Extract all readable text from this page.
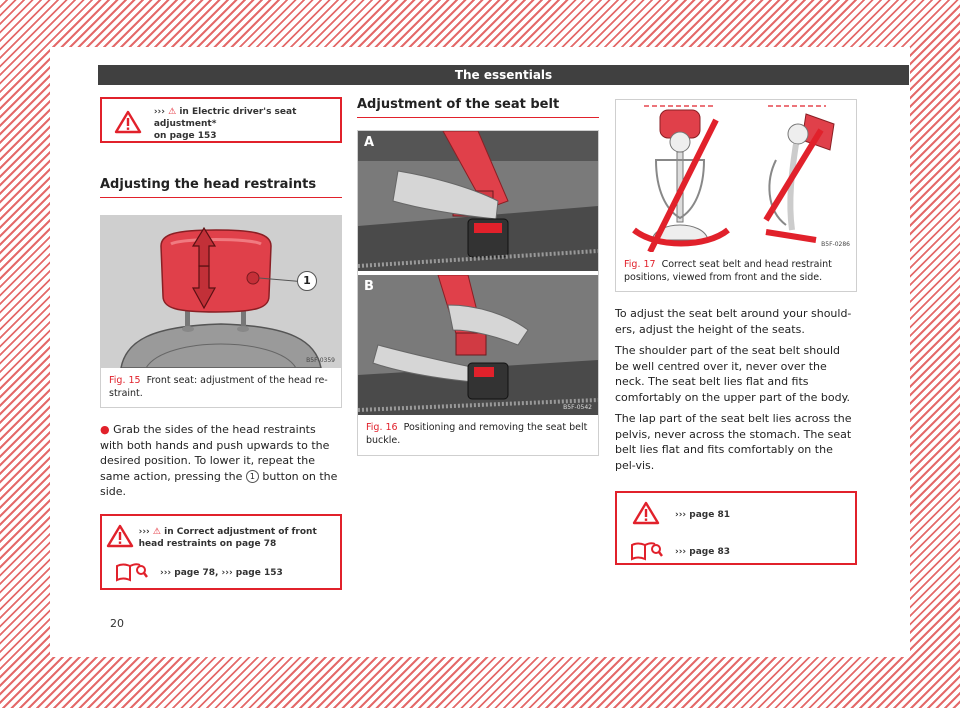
The essentials
››› ⚠ in Electric driver's seat adjustment*
on page 153
Adjusting the head restraints
1
B5F-0359
Fig. 15 Front seat: adjustment of the head re-straint.
● Grab the sides of the head restraints with both hands and push upwards to the desired position. To lower it, repeat the same action, pressing the 1 button on the side.
››› ⚠ in Correct adjustment of front head restraints on page 78

››› page 78, ››› page 153
Adjustment of the seat belt
A
B
B5F-0542
Fig. 16 Positioning and removing the seat belt buckle.
B5F-0286
Fig. 17 Correct seat belt and head restraint positions, viewed from front and the side.
To adjust the seat belt around your should-ers, adjust the height of the seats.
The shoulder part of the seat belt should be well centred over it, never over the neck. The seat belt lies flat and fits comfortably on the upper part of the body.
The lap part of the seat belt lies across the pelvis, never across the stomach. The seat belt lies flat and fits comfortably on the pel-vis.
››› page 81
››› page 83
20
